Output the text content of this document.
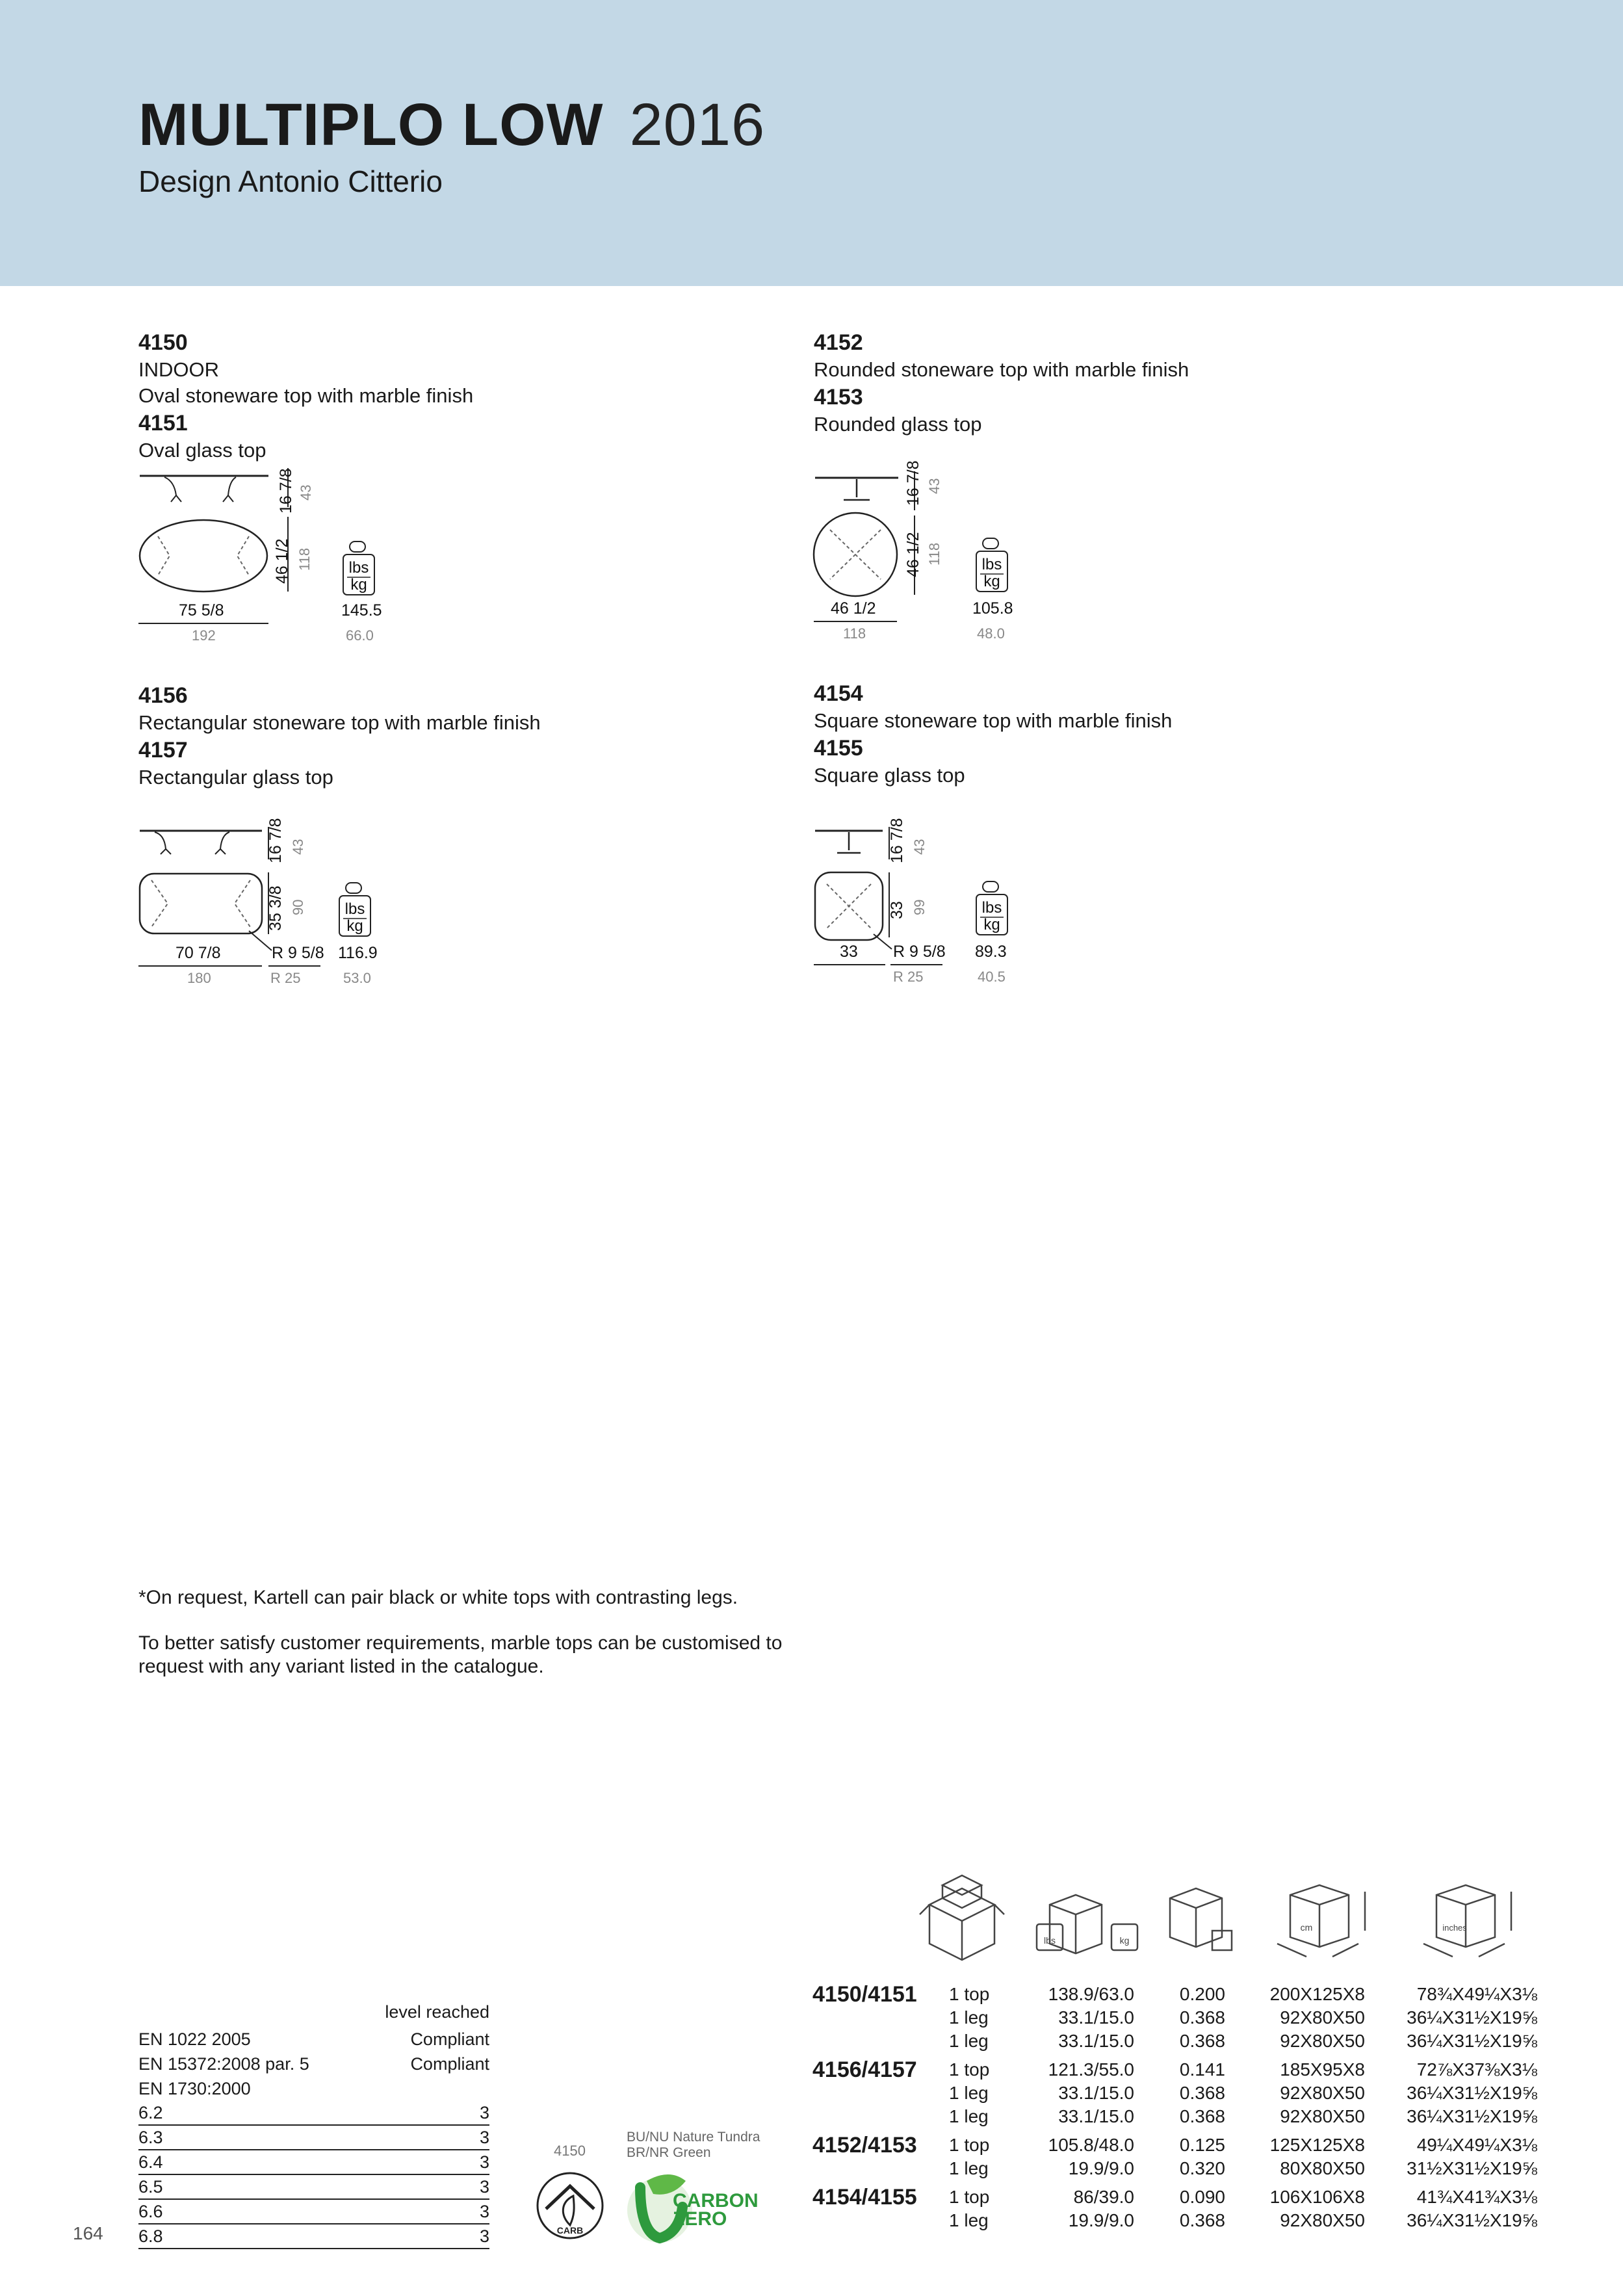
MULTIPLO LOW 2016
Design Antonio Citterio
4150
INDOOR
Oval stoneware top with marble finish
4151
Oval glass top
16 7/8 43
46 1/2 118
75 5/8
192
lbs
kg
145.5
66.0
4152
Rounded stoneware top with marble finish
4153
Rounded glass top
16 7/8 43
46 1/2 118
46 1/2
118
lbs
kg
105.8
48.0
4156
Rectangular stoneware top with marble finish
4157
Rectangular glass top
16 7/8 43
35 3/8 90
70 7/8
180
R 9 5/8
R 25
lbs
kg
116.9
53.0
4154
Square stoneware top with marble finish
4155
Square glass top
16 7/8 43
33 99
33 R 9 5/8
R 25
lbs
kg
89.3
40.5

*On request, Kartell can pair black or white tops with contrasting legs.

To better satisfy customer requirements, marble tops can be customised to request with any variant listed in the catalogue.

level reached
EN 1022 2005	Compliant
EN 15372:2008 par. 5	Compliant
EN 1730:2000
6.2	3
6.3	3
6.4	3
6.5	3
6.6	3
6.8	3
164
4150
BU/NU Nature Tundra
BR/NR Green
CARB
CARBON
ZERO
lbs	kg
cm	inches
4150/4151	1 top	138.9/63.0	0.200	200X125X8	78¾X49¼X3⅛
1 leg	33.1/15.0	0.368	92X80X50	36¼X31½X19⅝
1 leg	33.1/15.0	0.368	92X80X50	36¼X31½X19⅝
4156/4157	1 top	121.3/55.0	0.141	185X95X8	72⅞X37⅜X3⅛
1 leg	33.1/15.0	0.368	92X80X50	36¼X31½X19⅝
1 leg	33.1/15.0	0.368	92X80X50	36¼X31½X19⅝
4152/4153	1 top	105.8/48.0	0.125	125X125X8	49¼X49¼X3⅛
1 leg	19.9/9.0	0.320	80X80X50	31½X31½X19⅝
4154/4155	1 top	86/39.0	0.090	106X106X8	41¾X41¾X3⅛
1 leg	19.9/9.0	0.368	92X80X50	36¼X31½X19⅝
